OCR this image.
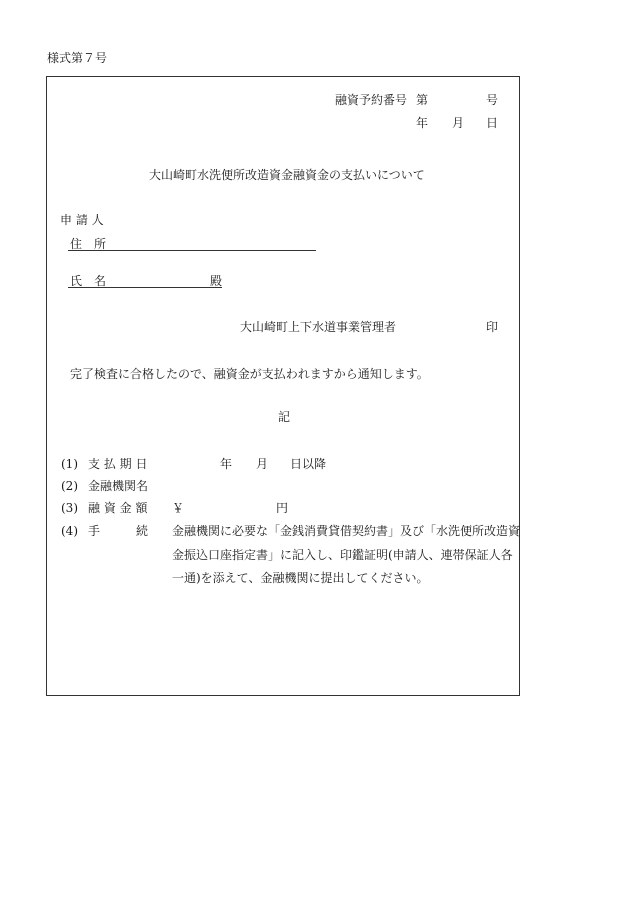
様式第７号
融資予約番号 第	号
年 月 日
大山崎町水洗便所改造資金融資金の支払いについて
申 請 人
住　所
氏　名	殿
大山崎町上下水道事業管理者	印
完了検査に合格したので、融資金が支払われますから通知します。
記
(1) 支 払 期 日	年 月 日以降
(2) 金融機関名
(3) 融 資 金 額 ￥	円
(4) 手　　　続 金融機関に必要な「金銭消費貸借契約書」及び「水洗便所改造資
金振込口座指定書」に記入し、印鑑証明(申請人、連帯保証人各
一通)を添えて、金融機関に提出してください。
